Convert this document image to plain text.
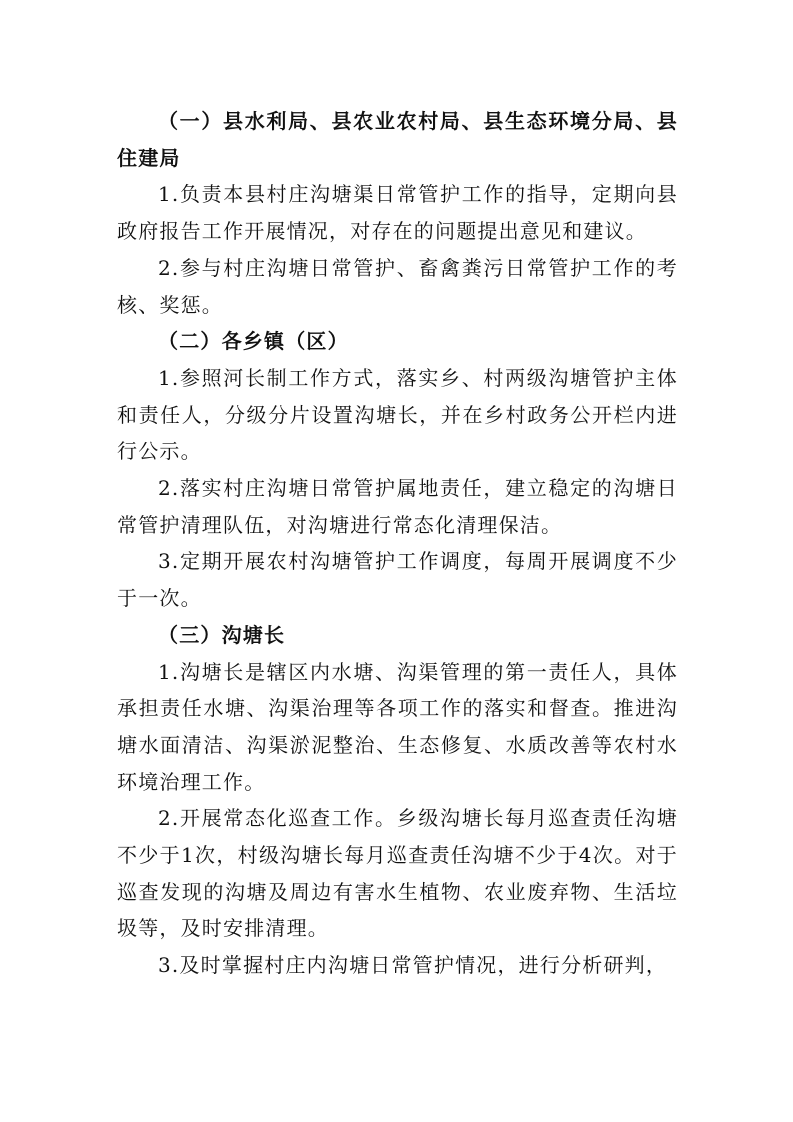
（一）县水利局、县农业农村局、县生态环境分局、县住建局

1.负责本县村庄沟塘渠日常管护工作的指导，定期向县政府报告工作开展情况，对存在的问题提出意见和建议。

2.参与村庄沟塘日常管护、畜禽粪污日常管护工作的考核、奖惩。

（二）各乡镇（区）

1.参照河长制工作方式，落实乡、村两级沟塘管护主体和责任人，分级分片设置沟塘长，并在乡村政务公开栏内进行公示。

2.落实村庄沟塘日常管护属地责任，建立稳定的沟塘日常管护清理队伍，对沟塘进行常态化清理保洁。

3.定期开展农村沟塘管护工作调度，每周开展调度不少于一次。

（三）沟塘长

1.沟塘长是辖区内水塘、沟渠管理的第一责任人，具体承担责任水塘、沟渠治理等各项工作的落实和督查。推进沟塘水面清洁、沟渠淤泥整治、生态修复、水质改善等农村水环境治理工作。

2.开展常态化巡查工作。乡级沟塘长每月巡查责任沟塘不少于1次，村级沟塘长每月巡查责任沟塘不少于4次。对于巡查发现的沟塘及周边有害水生植物、农业废弃物、生活垃圾等，及时安排清理。

3.及时掌握村庄内沟塘日常管护情况，进行分析研判，
